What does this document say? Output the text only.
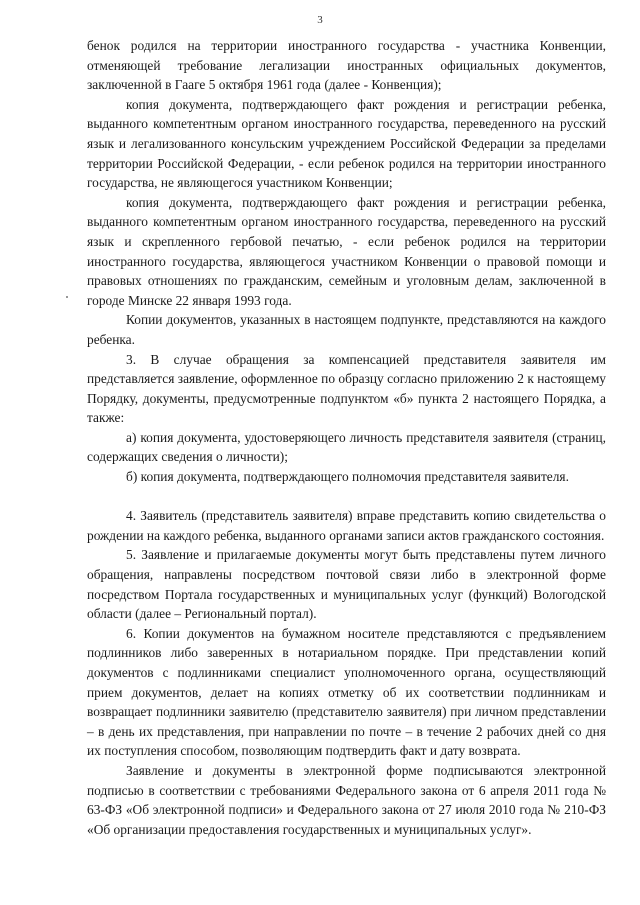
3

бенок родился на территории иностранного государства - участника Конвенции, отменяющей требование легализации иностранных официальных документов, заключенной в Гааге 5 октября 1961 года (далее - Конвенция);

копия документа, подтверждающего факт рождения и регистрации ребенка, выданного компетентным органом иностранного государства, переведенного на русский язык и легализованного консульским учреждением Российской Федерации за пределами территории Российской Федерации, - если ребенок родился на территории иностранного государства, не являющегося участником Конвенции;

копия документа, подтверждающего факт рождения и регистрации ребенка, выданного компетентным органом иностранного государства, переведенного на русский язык и скрепленного гербовой печатью, - если ребенок родился на территории иностранного государства, являющегося участником Конвенции о правовой помощи и правовых отношениях по гражданским, семейным и уголовным делам, заключенной в городе Минске 22 января 1993 года.

Копии документов, указанных в настоящем подпункте, представляются на каждого ребенка.

3. В случае обращения за компенсацией представителя заявителя им представляется заявление, оформленное по образцу согласно приложению 2 к настоящему Порядку, документы, предусмотренные подпунктом «б» пункта 2 настоящего Порядка, а также:

а) копия документа, удостоверяющего личность представителя заявителя (страниц, содержащих сведения о личности);

б) копия документа, подтверждающего полномочия представителя заявителя.

4. Заявитель (представитель заявителя) вправе представить копию свидетельства о рождении на каждого ребенка, выданного органами записи актов гражданского состояния.

5. Заявление и прилагаемые документы могут быть представлены путем личного обращения, направлены посредством почтовой связи либо в электронной форме посредством Портала государственных и муниципальных услуг (функций) Вологодской области (далее – Региональный портал).

6. Копии документов на бумажном носителе представляются с предъявлением подлинников либо заверенных в нотариальном порядке. При представлении копий документов с подлинниками специалист уполномоченного органа, осуществляющий прием документов, делает на копиях отметку об их соответствии подлинникам и возвращает подлинники заявителю (представителю заявителя) при личном представлении – в день их представления, при направлении по почте – в течение 2 рабочих дней со дня их поступления способом, позволяющим подтвердить факт и дату возврата.

Заявление и документы в электронной форме подписываются электронной подписью в соответствии с требованиями Федерального закона от 6 апреля 2011 года № 63-ФЗ «Об электронной подписи» и Федерального закона от 27 июля 2010 года № 210-ФЗ «Об организации предоставления государственных и муниципальных услуг».
